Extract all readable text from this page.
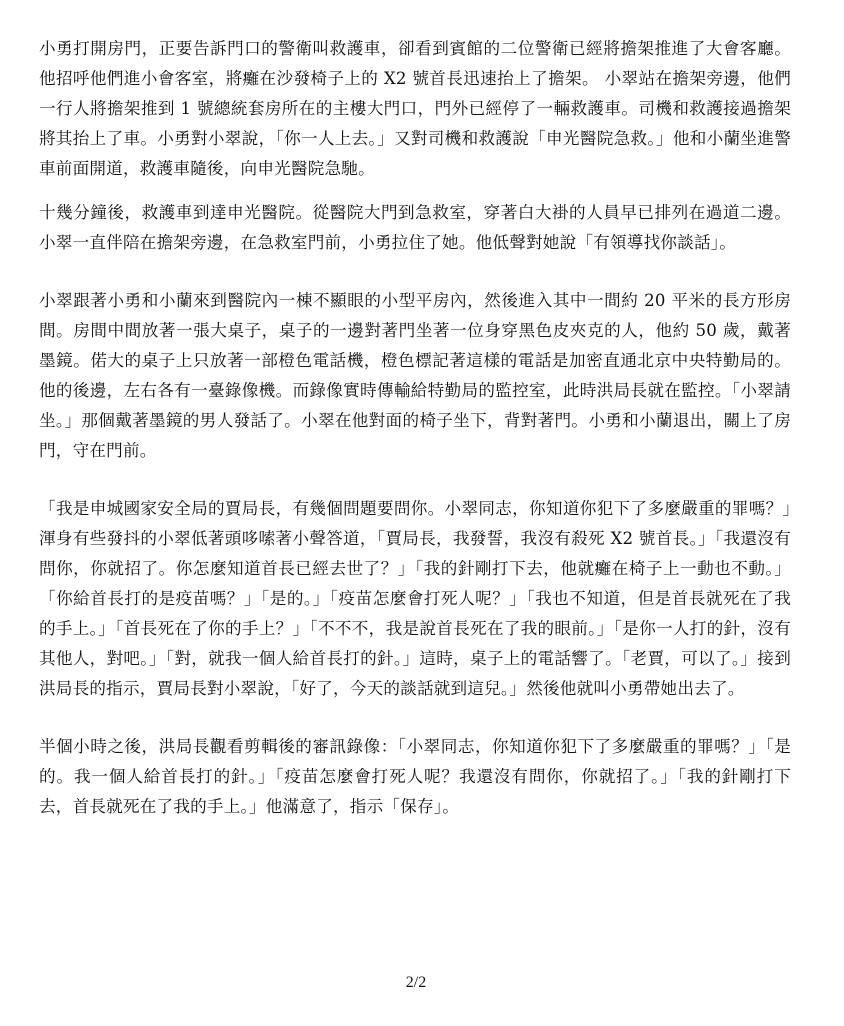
小勇打開房門，正要告訴門口的警衛叫救護車，卻看到賓館的二位警衛已經將擔架推進了大會客廳。他招呼他們進小會客室，將癱在沙發椅子上的 X2 號首長迅速抬上了擔架。 小翠站在擔架旁邊，他們一行人將擔架推到 1 號總統套房所在的主樓大門口，門外已經停了一輛救護車。司機和救護接過擔架將其抬上了車。小勇對小翠說，「你一人上去。」又對司機和救護說「申光醫院急救。」他和小蘭坐進警車前面開道，救護車隨後，向申光醫院急馳。

十幾分鐘後，救護車到達申光醫院。從醫院大門到急救室，穿著白大褂的人員早已排列在過道二邊。小翠一直伴陪在擔架旁邊，在急救室門前，小勇拉住了她。他低聲對她說「有領導找你談話」。

小翠跟著小勇和小蘭來到醫院內一棟不顯眼的小型平房內，然後進入其中一間約 20 平米的長方形房間。房間中間放著一張大桌子，桌子的一邊對著門坐著一位身穿黑色皮夾克的人，他約 50 歲，戴著墨鏡。偌大的桌子上只放著一部橙色電話機，橙色標記著這樣的電話是加密直通北京中央特勤局的。他的後邊，左右各有一臺錄像機。而錄像實時傳輸給特勤局的監控室，此時洪局長就在監控。「小翠請坐。」那個戴著墨鏡的男人發話了。小翠在他對面的椅子坐下，背對著門。小勇和小蘭退出，關上了房門，守在門前。

「我是申城國家安全局的賈局長，有幾個問題要問你。小翠同志，你知道你犯下了多麼嚴重的罪嗎？」渾身有些發抖的小翠低著頭哆嗦著小聲答道，「賈局長，我發誓，我沒有殺死 X2 號首長。」「我還沒有問你，你就招了。你怎麼知道首長已經去世了？」「我的針剛打下去，他就癱在椅子上一動也不動。」「你給首長打的是疫苗嗎？」「是的。」「疫苗怎麼會打死人呢？」「我也不知道，但是首長就死在了我的手上。」「首長死在了你的手上？」「不不不，我是說首長死在了我的眼前。」「是你一人打的針，沒有其他人，對吧。」「對，就我一個人給首長打的針。」這時，桌子上的電話響了。「老賈，可以了。」接到洪局長的指示，賈局長對小翠說，「好了，今天的談話就到這兒。」然後他就叫小勇帶她出去了。

半個小時之後，洪局長觀看剪輯後的審訊錄像：「小翠同志，你知道你犯下了多麼嚴重的罪嗎？」「是的。我一個人給首長打的針。」「疫苗怎麼會打死人呢？我還沒有問你，你就招了。」「我的針剛打下去，首長就死在了我的手上。」他滿意了，指示「保存」。

2/2
